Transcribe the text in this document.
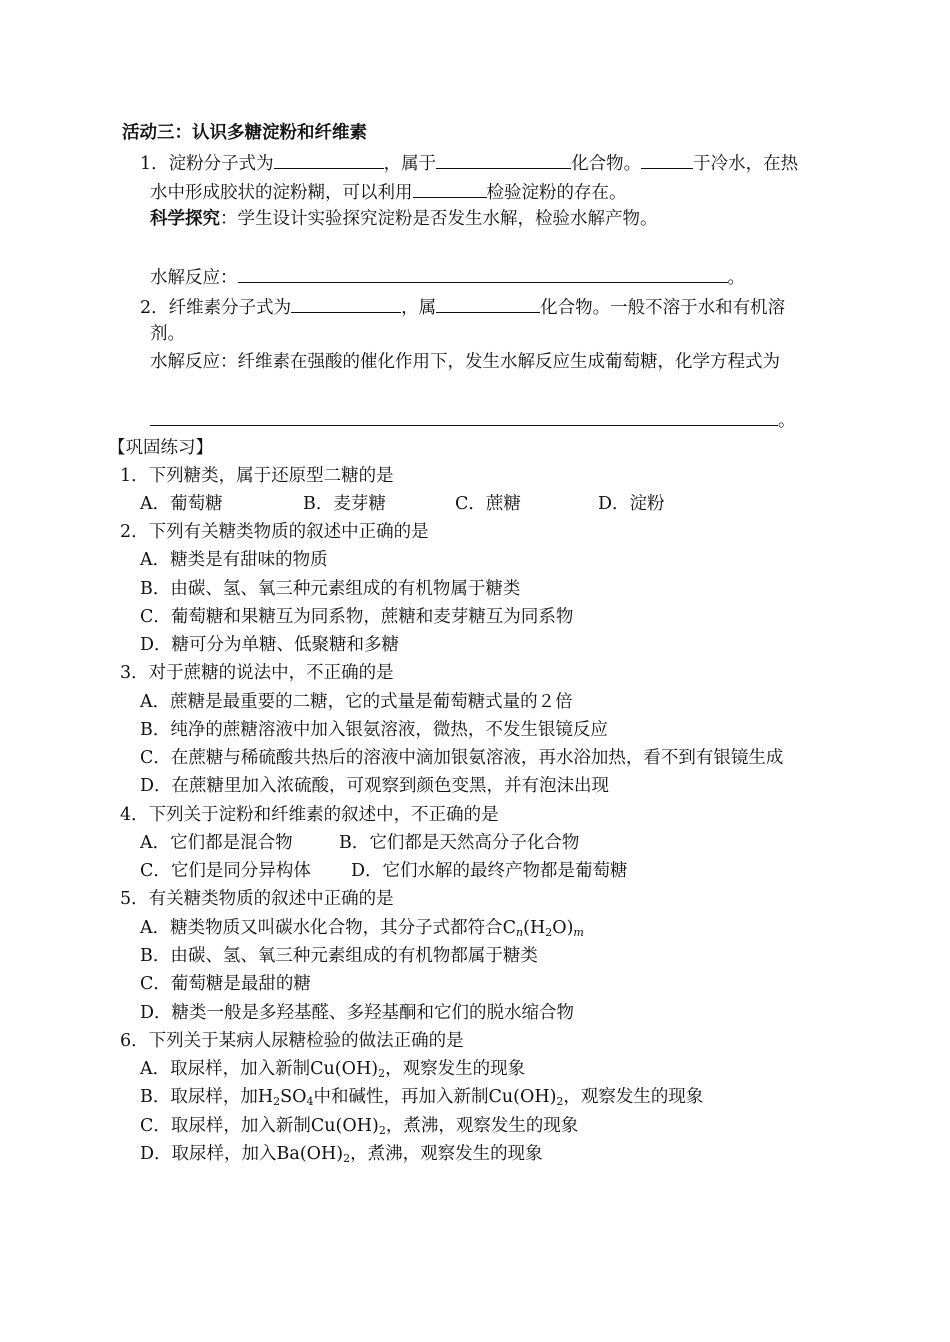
活动三：认识多糖淀粉和纤维素
1．淀粉分子式为	，属于	化合物。	于冷水，在热
水中形成胶状的淀粉糊，可以利用	检验淀粉的存在。
科学探究：学生设计实验探究淀粉是否发生水解，检验水解产物。
水解反应：	。
2．纤维素分子式为	，属	化合物。一般不溶于水和有机溶
剂。
水解反应：纤维素在强酸的催化作用下，发生水解反应生成葡萄糖，化学方程式为
。
【巩固练习】
1．下列糖类，属于还原型二糖的是
A．葡萄糖	B．麦芽糖	C．蔗糖	D．淀粉
2．下列有关糖类物质的叙述中正确的是
A．糖类是有甜味的物质
B．由碳、氢、氧三种元素组成的有机物属于糖类
C．葡萄糖和果糖互为同系物，蔗糖和麦芽糖互为同系物
D．糖可分为单糖、低聚糖和多糖
3．对于蔗糖的说法中，不正确的是
A．蔗糖是最重要的二糖，它的式量是葡萄糖式量的２倍
B．纯净的蔗糖溶液中加入银氨溶液，微热，不发生银镜反应
C．在蔗糖与稀硫酸共热后的溶液中滴加银氨溶液，再水浴加热，看不到有银镜生成
D．在蔗糖里加入浓硫酸，可观察到颜色变黑，并有泡沫出现
4．下列关于淀粉和纤维素的叙述中，不正确的是
A．它们都是混合物	B．它们都是天然高分子化合物
C．它们是同分异构体 D．它们水解的最终产物都是葡萄糖
5．有关糖类物质的叙述中正确的是
A．糖类物质又叫碳水化合物，其分子式都符合$C_n(H_2O)_m$
B．由碳、氢、氧三种元素组成的有机物都属于糖类
C．葡萄糖是最甜的糖
D．糖类一般是多羟基醛、多羟基酮和它们的脱水缩合物
6．下列关于某病人尿糖检验的做法正确的是
A．取尿样，加入新制$Cu(OH)_2$，观察发生的现象
B．取尿样，加$H_2SO_4$中和碱性，再加入新制$Cu(OH)_2$，观察发生的现象
C．取尿样，加入新制$Cu(OH)_2$，煮沸，观察发生的现象
D．取尿样，加入$Ba(OH)_2$，煮沸，观察发生的现象
